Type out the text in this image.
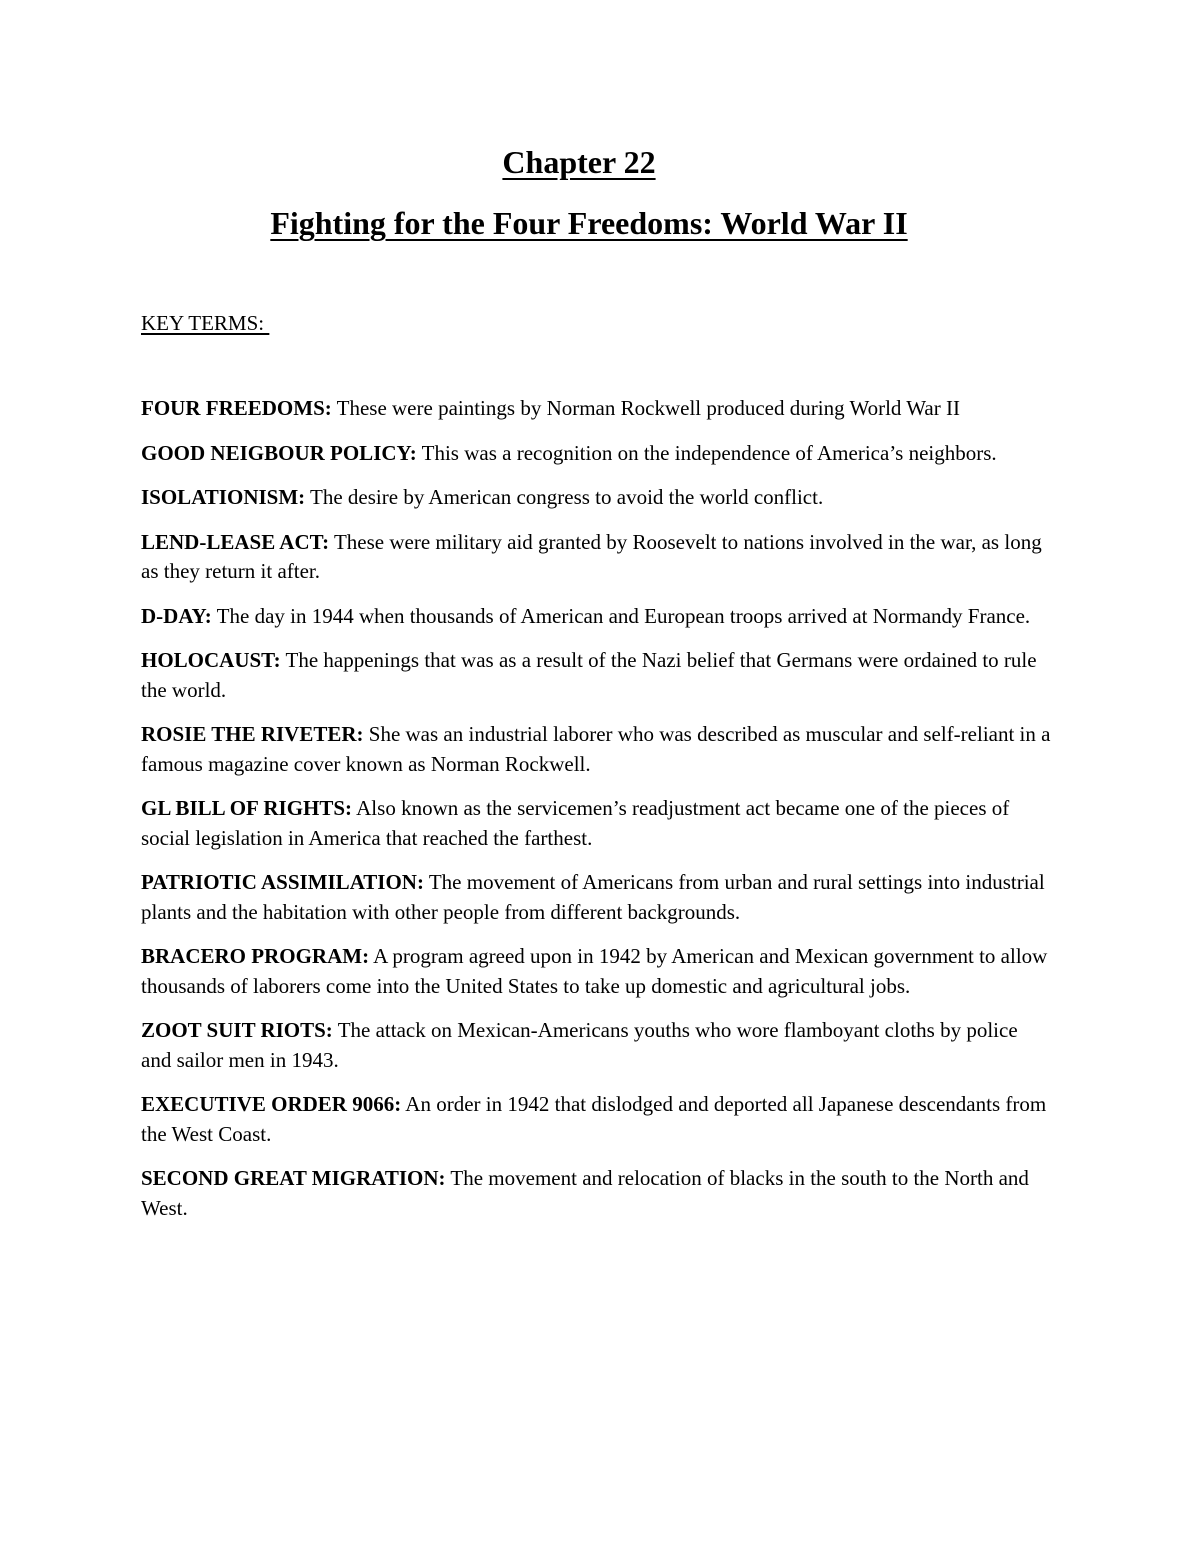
Chapter 22
Fighting for the Four Freedoms: World War II

KEY TERMS:

FOUR FREEDOMS: These were paintings by Norman Rockwell produced during World War II
GOOD NEIGBOUR POLICY: This was a recognition on the independence of America’s neighbors.
ISOLATIONISM: The desire by American congress to avoid the world conflict.
LEND-LEASE ACT: These were military aid granted by Roosevelt to nations involved in the war, as long as they return it after.
D-DAY: The day in 1944 when thousands of American and European troops arrived at Normandy France.
HOLOCAUST: The happenings that was as a result of the Nazi belief that Germans were ordained to rule the world.
ROSIE THE RIVETER: She was an industrial laborer who was described as muscular and self-reliant in a famous magazine cover known as Norman Rockwell.
GL BILL OF RIGHTS: Also known as the servicemen’s readjustment act became one of the pieces of social legislation in America that reached the farthest.
PATRIOTIC ASSIMILATION: The movement of Americans from urban and rural settings into industrial plants and the habitation with other people from different backgrounds.
BRACERO PROGRAM: A program agreed upon in 1942 by American and Mexican government to allow thousands of laborers come into the United States to take up domestic and agricultural jobs.
ZOOT SUIT RIOTS: The attack on Mexican-Americans youths who wore flamboyant cloths by police and sailor men in 1943.
EXECUTIVE ORDER 9066: An order in 1942 that dislodged and deported all Japanese descendants from the West Coast.
SECOND GREAT MIGRATION: The movement and relocation of blacks in the south to the North and West.
